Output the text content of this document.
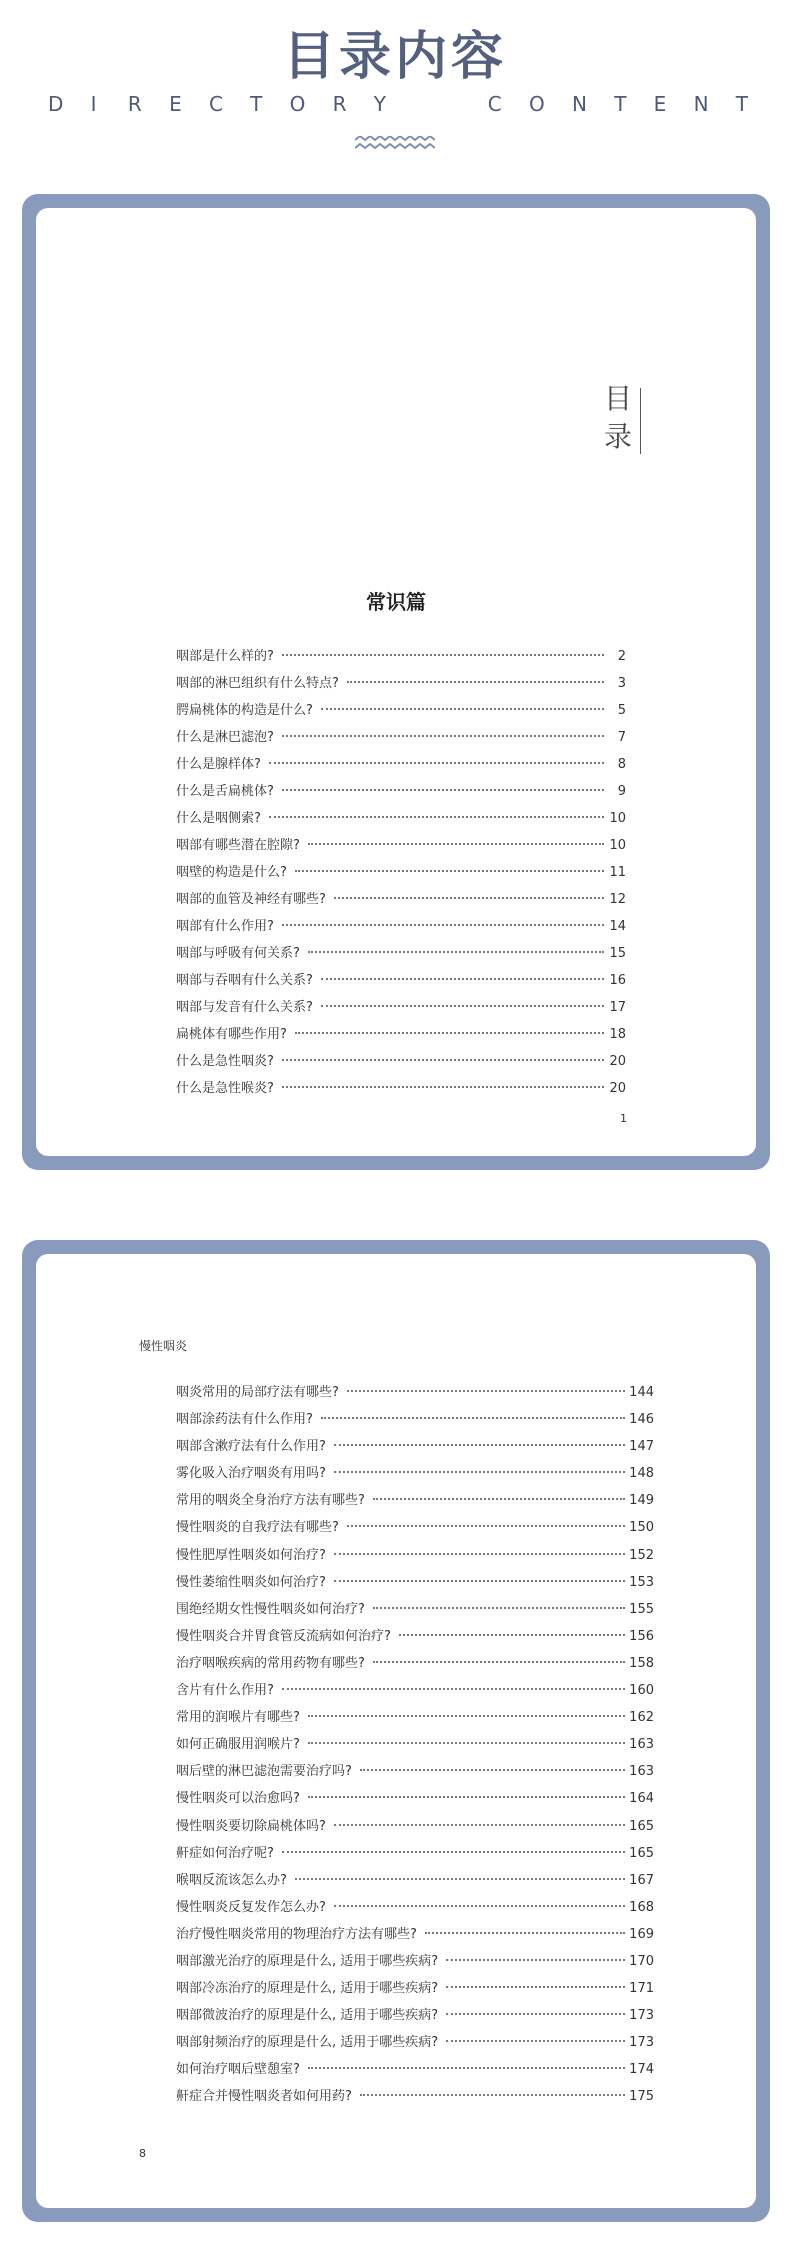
目录内容
D I R E C T O R Y	C O N T E N T
目
录
常识篇
咽部是什么样的?	2
咽部的淋巴组织有什么特点?	3
腭扁桃体的构造是什么?	5
什么是淋巴滤泡?	7
什么是腺样体?	8
什么是舌扁桃体?	9
什么是咽侧索?	10
咽部有哪些潜在腔隙?	10
咽壁的构造是什么?	11
咽部的血管及神经有哪些?	12
咽部有什么作用?	14
咽部与呼吸有何关系?	15
咽部与吞咽有什么关系?	16
咽部与发音有什么关系?	17
扁桃体有哪些作用?	18
什么是急性咽炎?	20
什么是急性喉炎?	20
1
慢性咽炎
咽炎常用的局部疗法有哪些?	144
咽部涂药法有什么作用?	146
咽部含漱疗法有什么作用?	147
雾化吸入治疗咽炎有用吗?	148
常用的咽炎全身治疗方法有哪些?	149
慢性咽炎的自我疗法有哪些?	150
慢性肥厚性咽炎如何治疗?	152
慢性萎缩性咽炎如何治疗?	153
围绝经期女性慢性咽炎如何治疗?	155
慢性咽炎合并胃食管反流病如何治疗?	156
治疗咽喉疾病的常用药物有哪些?	158
含片有什么作用?	160
常用的润喉片有哪些?	162
如何正确服用润喉片?	163
咽后壁的淋巴滤泡需要治疗吗?	163
慢性咽炎可以治愈吗?	164
慢性咽炎要切除扁桃体吗?	165
鼾症如何治疗呢?	165
喉咽反流该怎么办?	167
慢性咽炎反复发作怎么办?	168
治疗慢性咽炎常用的物理治疗方法有哪些?	169
咽部激光治疗的原理是什么, 适用于哪些疾病?	170
咽部冷冻治疗的原理是什么, 适用于哪些疾病?	171
咽部微波治疗的原理是什么, 适用于哪些疾病?	173
咽部射频治疗的原理是什么, 适用于哪些疾病?	173
如何治疗咽后壁憩室?	174
鼾症合并慢性咽炎者如何用药?	175
8
